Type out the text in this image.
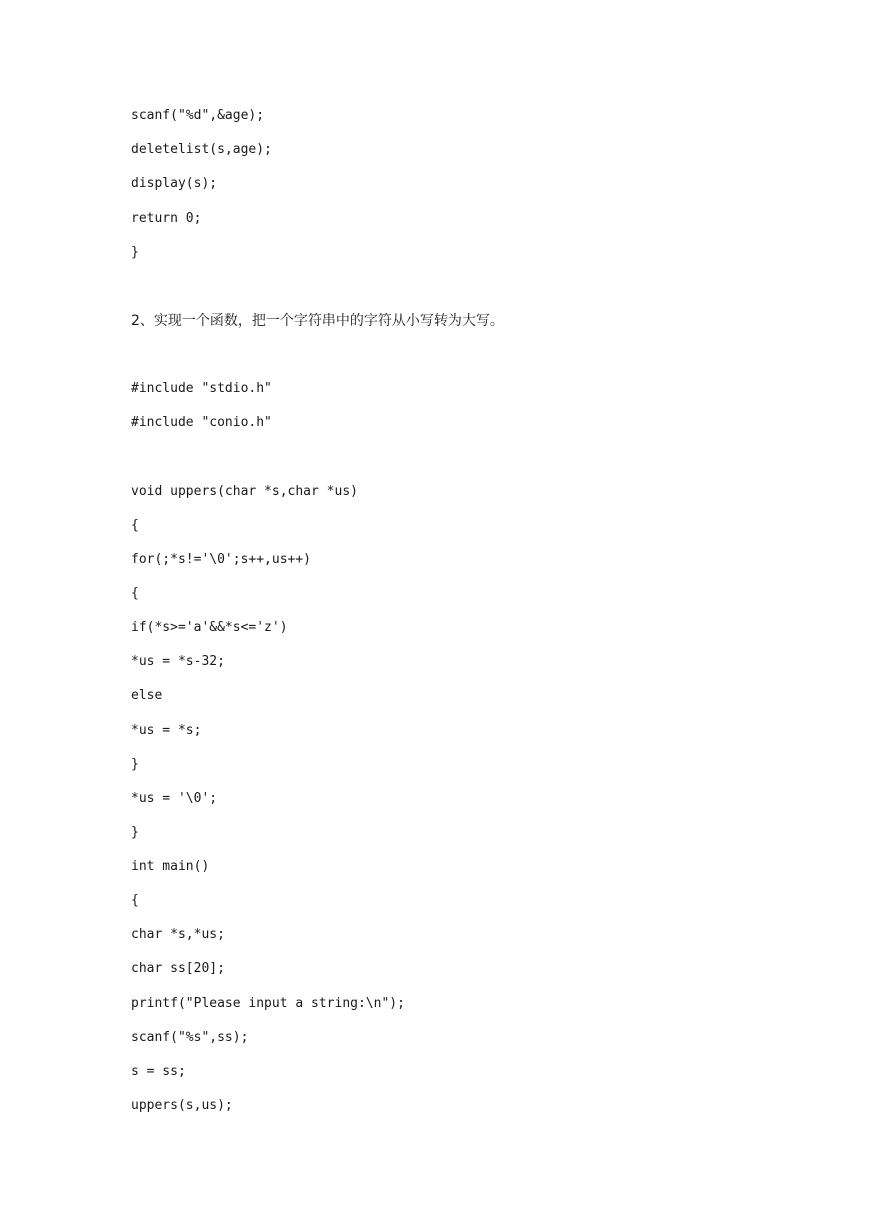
scanf("%d",&age);
deletelist(s,age);
display(s);
return 0;
}
2、实现一个函数，把一个字符串中的字符从小写转为大写。
#include "stdio.h"
#include "conio.h"
void uppers(char *s,char *us)
{
for(;*s!='\0';s++,us++)
{
if(*s>='a'&&*s<='z')
*us = *s-32;
else
*us = *s;
}
*us = '\0';
}
int main()
{
char *s,*us;
char ss[20];
printf("Please input a string:\n");
scanf("%s",ss);
s = ss;
uppers(s,us);
